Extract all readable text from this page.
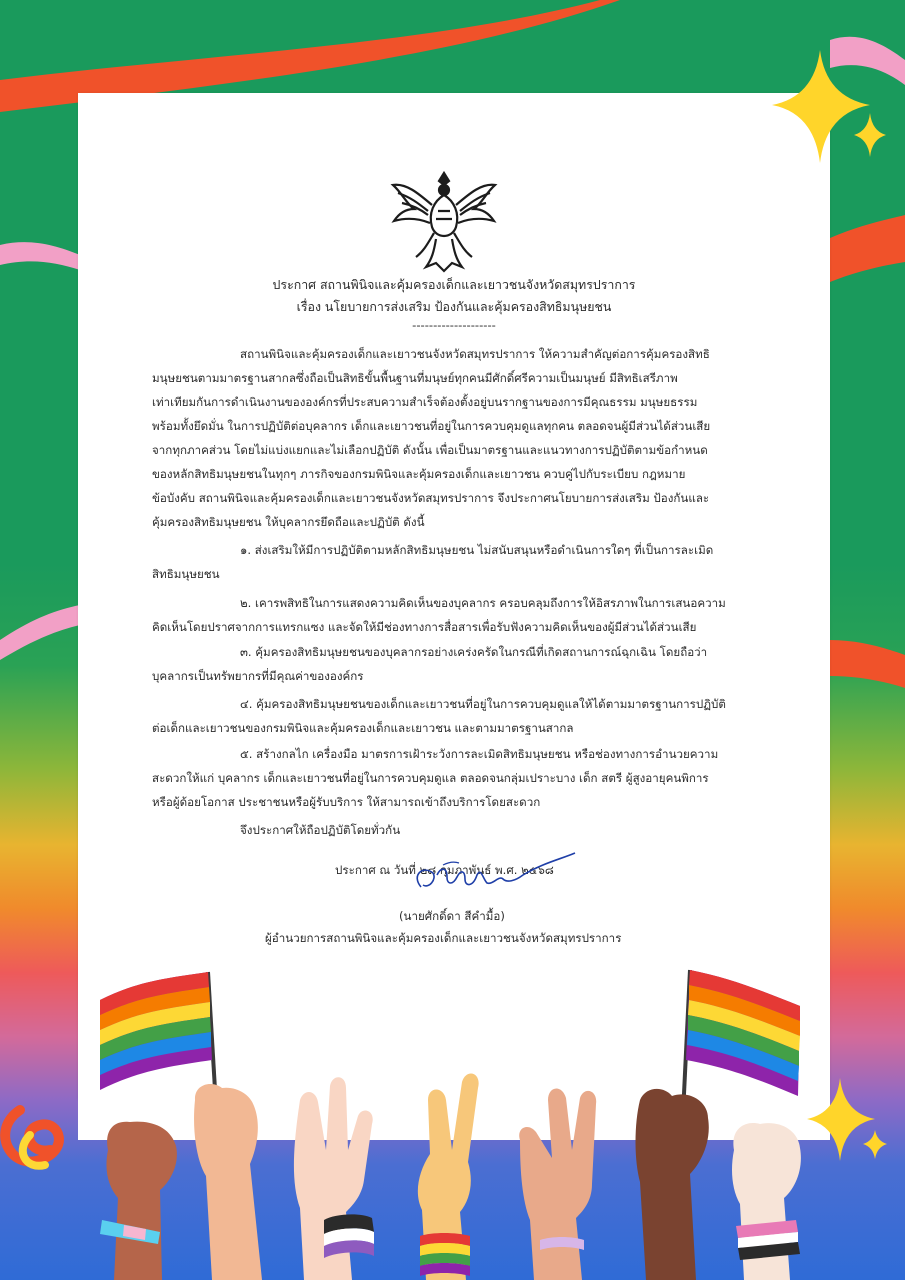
ประกาศ สถานพินิจและคุ้มครองเด็กและเยาวชนจังหวัดสมุทรปราการ
เรื่อง นโยบายการส่งเสริม ป้องกันและคุ้มครองสิทธิมนุษยชน
--------------------
สถานพินิจและคุ้มครองเด็กและเยาวชนจังหวัดสมุทรปราการ ให้ความสำคัญต่อการคุ้มครองสิทธิ
มนุษยชนตามมาตรฐานสากลซึ่งถือเป็นสิทธิขั้นพื้นฐานที่มนุษย์ทุกคนมีศักดิ์ศรีความเป็นมนุษย์ มีสิทธิเสรีภาพ
เท่าเทียมกันการดำเนินงานขององค์กรที่ประสบความสำเร็จต้องตั้งอยู่บนรากฐานของการมีคุณธรรม มนุษยธรรม
พร้อมทั้งยึดมั่น ในการปฏิบัติต่อบุคลากร เด็กและเยาวชนที่อยู่ในการควบคุมดูแลทุกคน ตลอดจนผู้มีส่วนได้ส่วนเสีย
จากทุกภาคส่วน โดยไม่แบ่งแยกและไม่เลือกปฏิบัติ ดังนั้น เพื่อเป็นมาตรฐานและแนวทางการปฏิบัติตามข้อกำหนด
ของหลักสิทธิมนุษยชนในทุกๆ ภารกิจของกรมพินิจและคุ้มครองเด็กและเยาวชน ควบคู่ไปกับระเบียบ กฎหมาย
ข้อบังคับ สถานพินิจและคุ้มครองเด็กและเยาวชนจังหวัดสมุทรปราการ จึงประกาศนโยบายการส่งเสริม ป้องกันและ
คุ้มครองสิทธิมนุษยชน ให้บุคลากรยึดถือและปฏิบัติ ดังนี้
๑. ส่งเสริมให้มีการปฏิบัติตามหลักสิทธิมนุษยชน ไม่สนับสนุนหรือดำเนินการใดๆ ที่เป็นการละเมิด
สิทธิมนุษยชน
๒. เคารพสิทธิในการแสดงความคิดเห็นของบุคลากร ครอบคลุมถึงการให้อิสรภาพในการเสนอความ
คิดเห็นโดยปราศจากการแทรกแซง และจัดให้มีช่องทางการสื่อสารเพื่อรับฟังความคิดเห็นของผู้มีส่วนได้ส่วนเสีย
๓. คุ้มครองสิทธิมนุษยชนของบุคลากรอย่างเคร่งครัดในกรณีที่เกิดสถานการณ์ฉุกเฉิน โดยถือว่า
บุคลากรเป็นทรัพยากรที่มีคุณค่าขององค์กร
๔. คุ้มครองสิทธิมนุษยชนของเด็กและเยาวชนที่อยู่ในการควบคุมดูแลให้ได้ตามมาตรฐานการปฏิบัติ
ต่อเด็กและเยาวชนของกรมพินิจและคุ้มครองเด็กและเยาวชน และตามมาตรฐานสากล
๕. สร้างกลไก เครื่องมือ มาตรการเฝ้าระวังการละเมิดสิทธิมนุษยชน หรือช่องทางการอำนวยความ
สะดวกให้แก่ บุคลากร เด็กและเยาวชนที่อยู่ในการควบคุมดูแล ตลอดจนกลุ่มเปราะบาง เด็ก สตรี ผู้สูงอายุคนพิการ
หรือผู้ด้อยโอกาส ประชาชนหรือผู้รับบริการ ให้สามารถเข้าถึงบริการโดยสะดวก
จึงประกาศให้ถือปฏิบัติโดยทั่วกัน
ประกาศ ณ วันที่ ๒๘ กุมภาพันธ์ พ.ศ. ๒๕๖๘
(นายศักดิ์ดา สีคำมื้อ)
ผู้อำนวยการสถานพินิจและคุ้มครองเด็กและเยาวชนจังหวัดสมุทรปราการ
